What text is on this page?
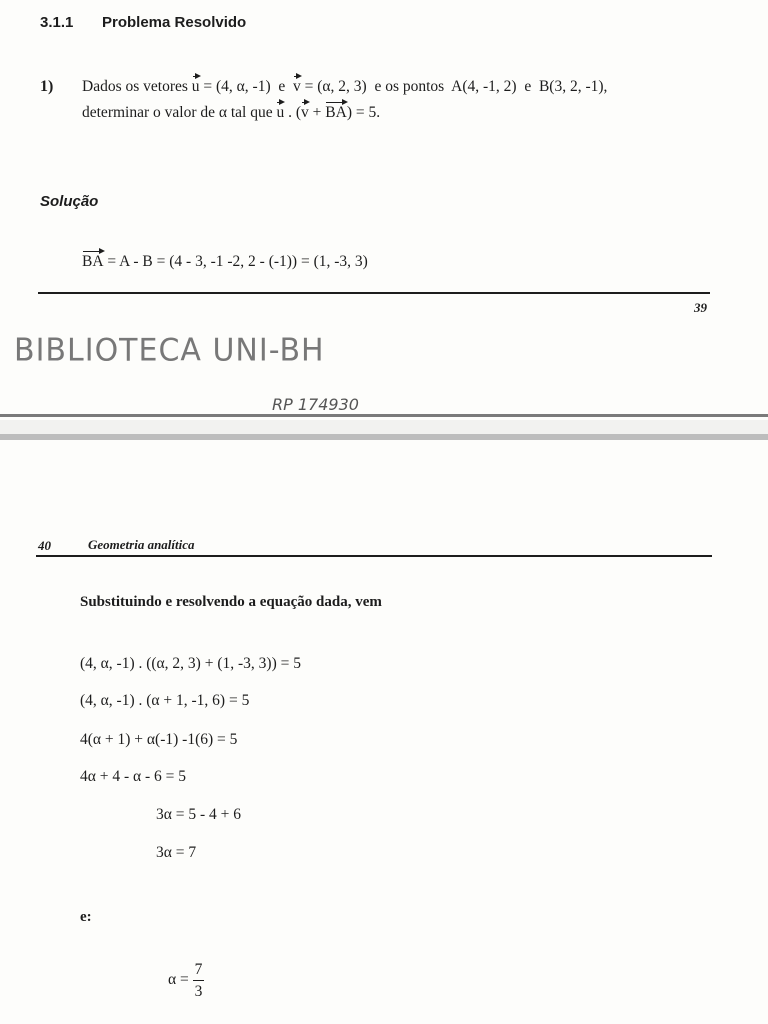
3.1.1 Problema Resolvido
1) Dados os vetores u = (4, α, -1) e v = (α, 2, 3) e os pontos A(4, -1, 2) e B(3, 2, -1),
determinar o valor de α tal que u . (v + BA) = 5.
Solução
BA = A - B = (4 - 3, -1 -2, 2 - (-1)) = (1, -3, 3)
39
BIBLIOTECA UNI-BH
RP 174930
40	Geometria analítica
Substituindo e resolvendo a equação dada, vem
(4, α, -1) . ((α, 2, 3) + (1, -3, 3)) = 5
(4, α, -1) . (α + 1, -1, 6) = 5
4(α + 1) + α(-1) -1(6) = 5
4α + 4 - α - 6 = 5
3α = 5 - 4 + 6
3α = 7
e:
$\alpha = \frac{7}{3}$
